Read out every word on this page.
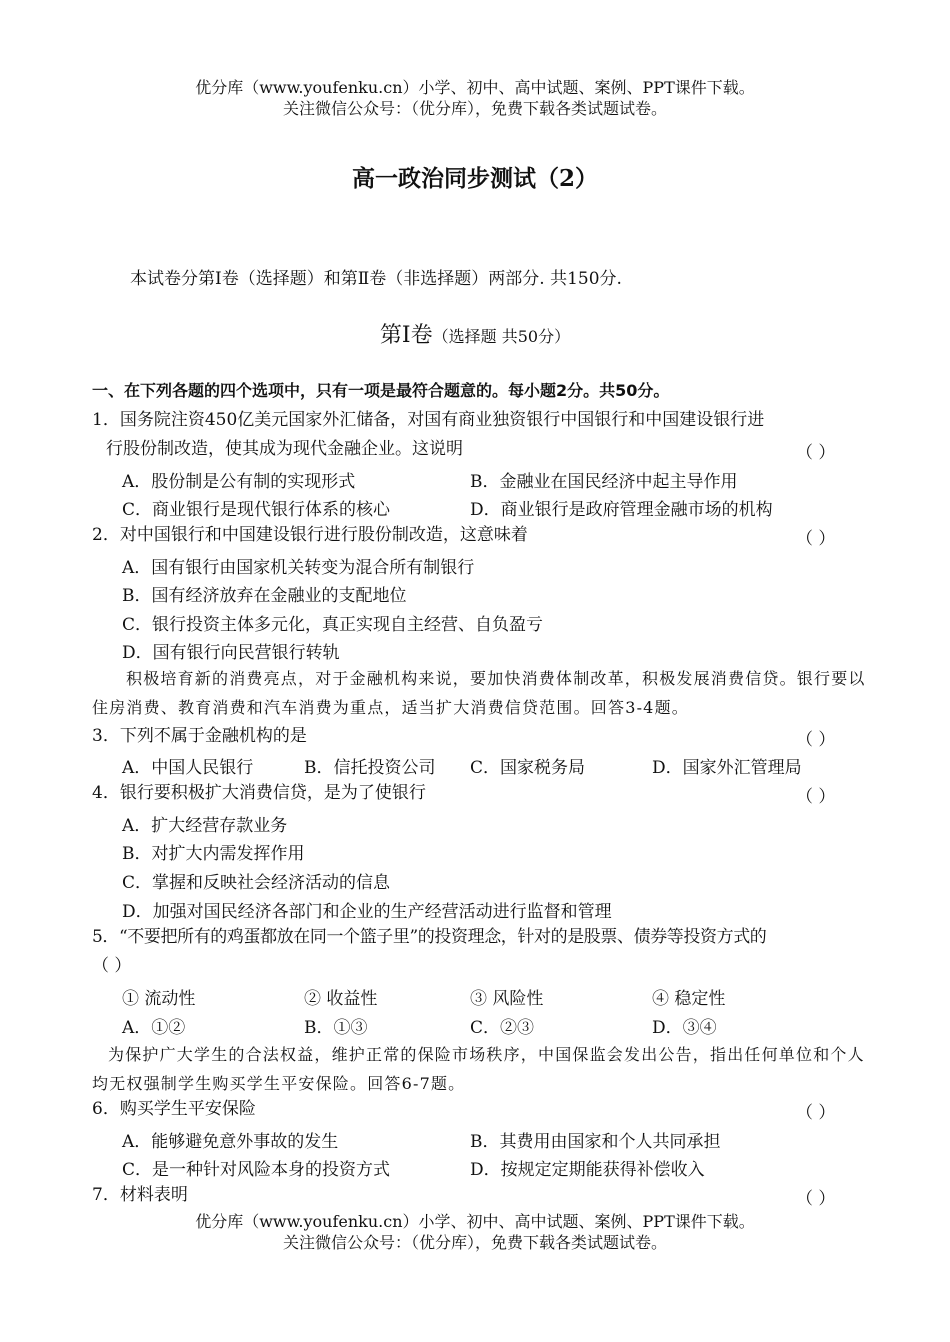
优分库（www.youfenku.cn）小学、初中、高中试题、案例、PPT课件下载。
关注微信公众号：（优分库），免费下载各类试题试卷。
高一政治同步测试（2）
本试卷分第Ⅰ卷（选择题）和第Ⅱ卷（非选择题）两部分. 共150分.
第Ⅰ卷（选择题 共50分）
一、在下列各题的四个选项中，只有一项是最符合题意的。每小题2分。共50分。
1．国务院注资450亿美元国家外汇储备，对国有商业独资银行中国银行和中国建设银行进
行股份制改造，使其成为现代金融企业。这说明	（ ）
A．股份制是公有制的实现形式	B．金融业在国民经济中起主导作用
C．商业银行是现代银行体系的核心	D．商业银行是政府管理金融市场的机构
2．对中国银行和中国建设银行进行股份制改造，这意味着	（ ）
A．国有银行由国家机关转变为混合所有制银行
B．国有经济放弃在金融业的支配地位
C．银行投资主体多元化，真正实现自主经营、自负盈亏
D．国有银行向民营银行转轨
积极培育新的消费亮点，对于金融机构来说，要加快消费体制改革，积极发展消费信贷。银行要以住房消费、教育消费和汽车消费为重点，适当扩大消费信贷范围。回答3-4题。
3．下列不属于金融机构的是	（ ）
A．中国人民银行	B．信托投资公司 C．国家税务局	D．国家外汇管理局
4．银行要积极扩大消费信贷，是为了使银行	（ ）
A．扩大经营存款业务
B．对扩大内需发挥作用
C．掌握和反映社会经济活动的信息
D．加强对国民经济各部门和企业的生产经营活动进行监督和管理
5．“不要把所有的鸡蛋都放在同一个篮子里”的投资理念，针对的是股票、债券等投资方式的
（ ）
① 流动性	② 收益性	③ 风险性	④ 稳定性
A．①②	B．①③	C．②③	D．③④
为保护广大学生的合法权益，维护正常的保险市场秩序，中国保监会发出公告，指出任何单位和个人均无权强制学生购买学生平安保险。回答6-7题。
6．购买学生平安保险	（ ）
A．能够避免意外事故的发生	B．其费用由国家和个人共同承担
C．是一种针对风险本身的投资方式	D．按规定定期能获得补偿收入
7．材料表明	（ ）
优分库（www.youfenku.cn）小学、初中、高中试题、案例、PPT课件下载。
关注微信公众号：（优分库），免费下载各类试题试卷。
